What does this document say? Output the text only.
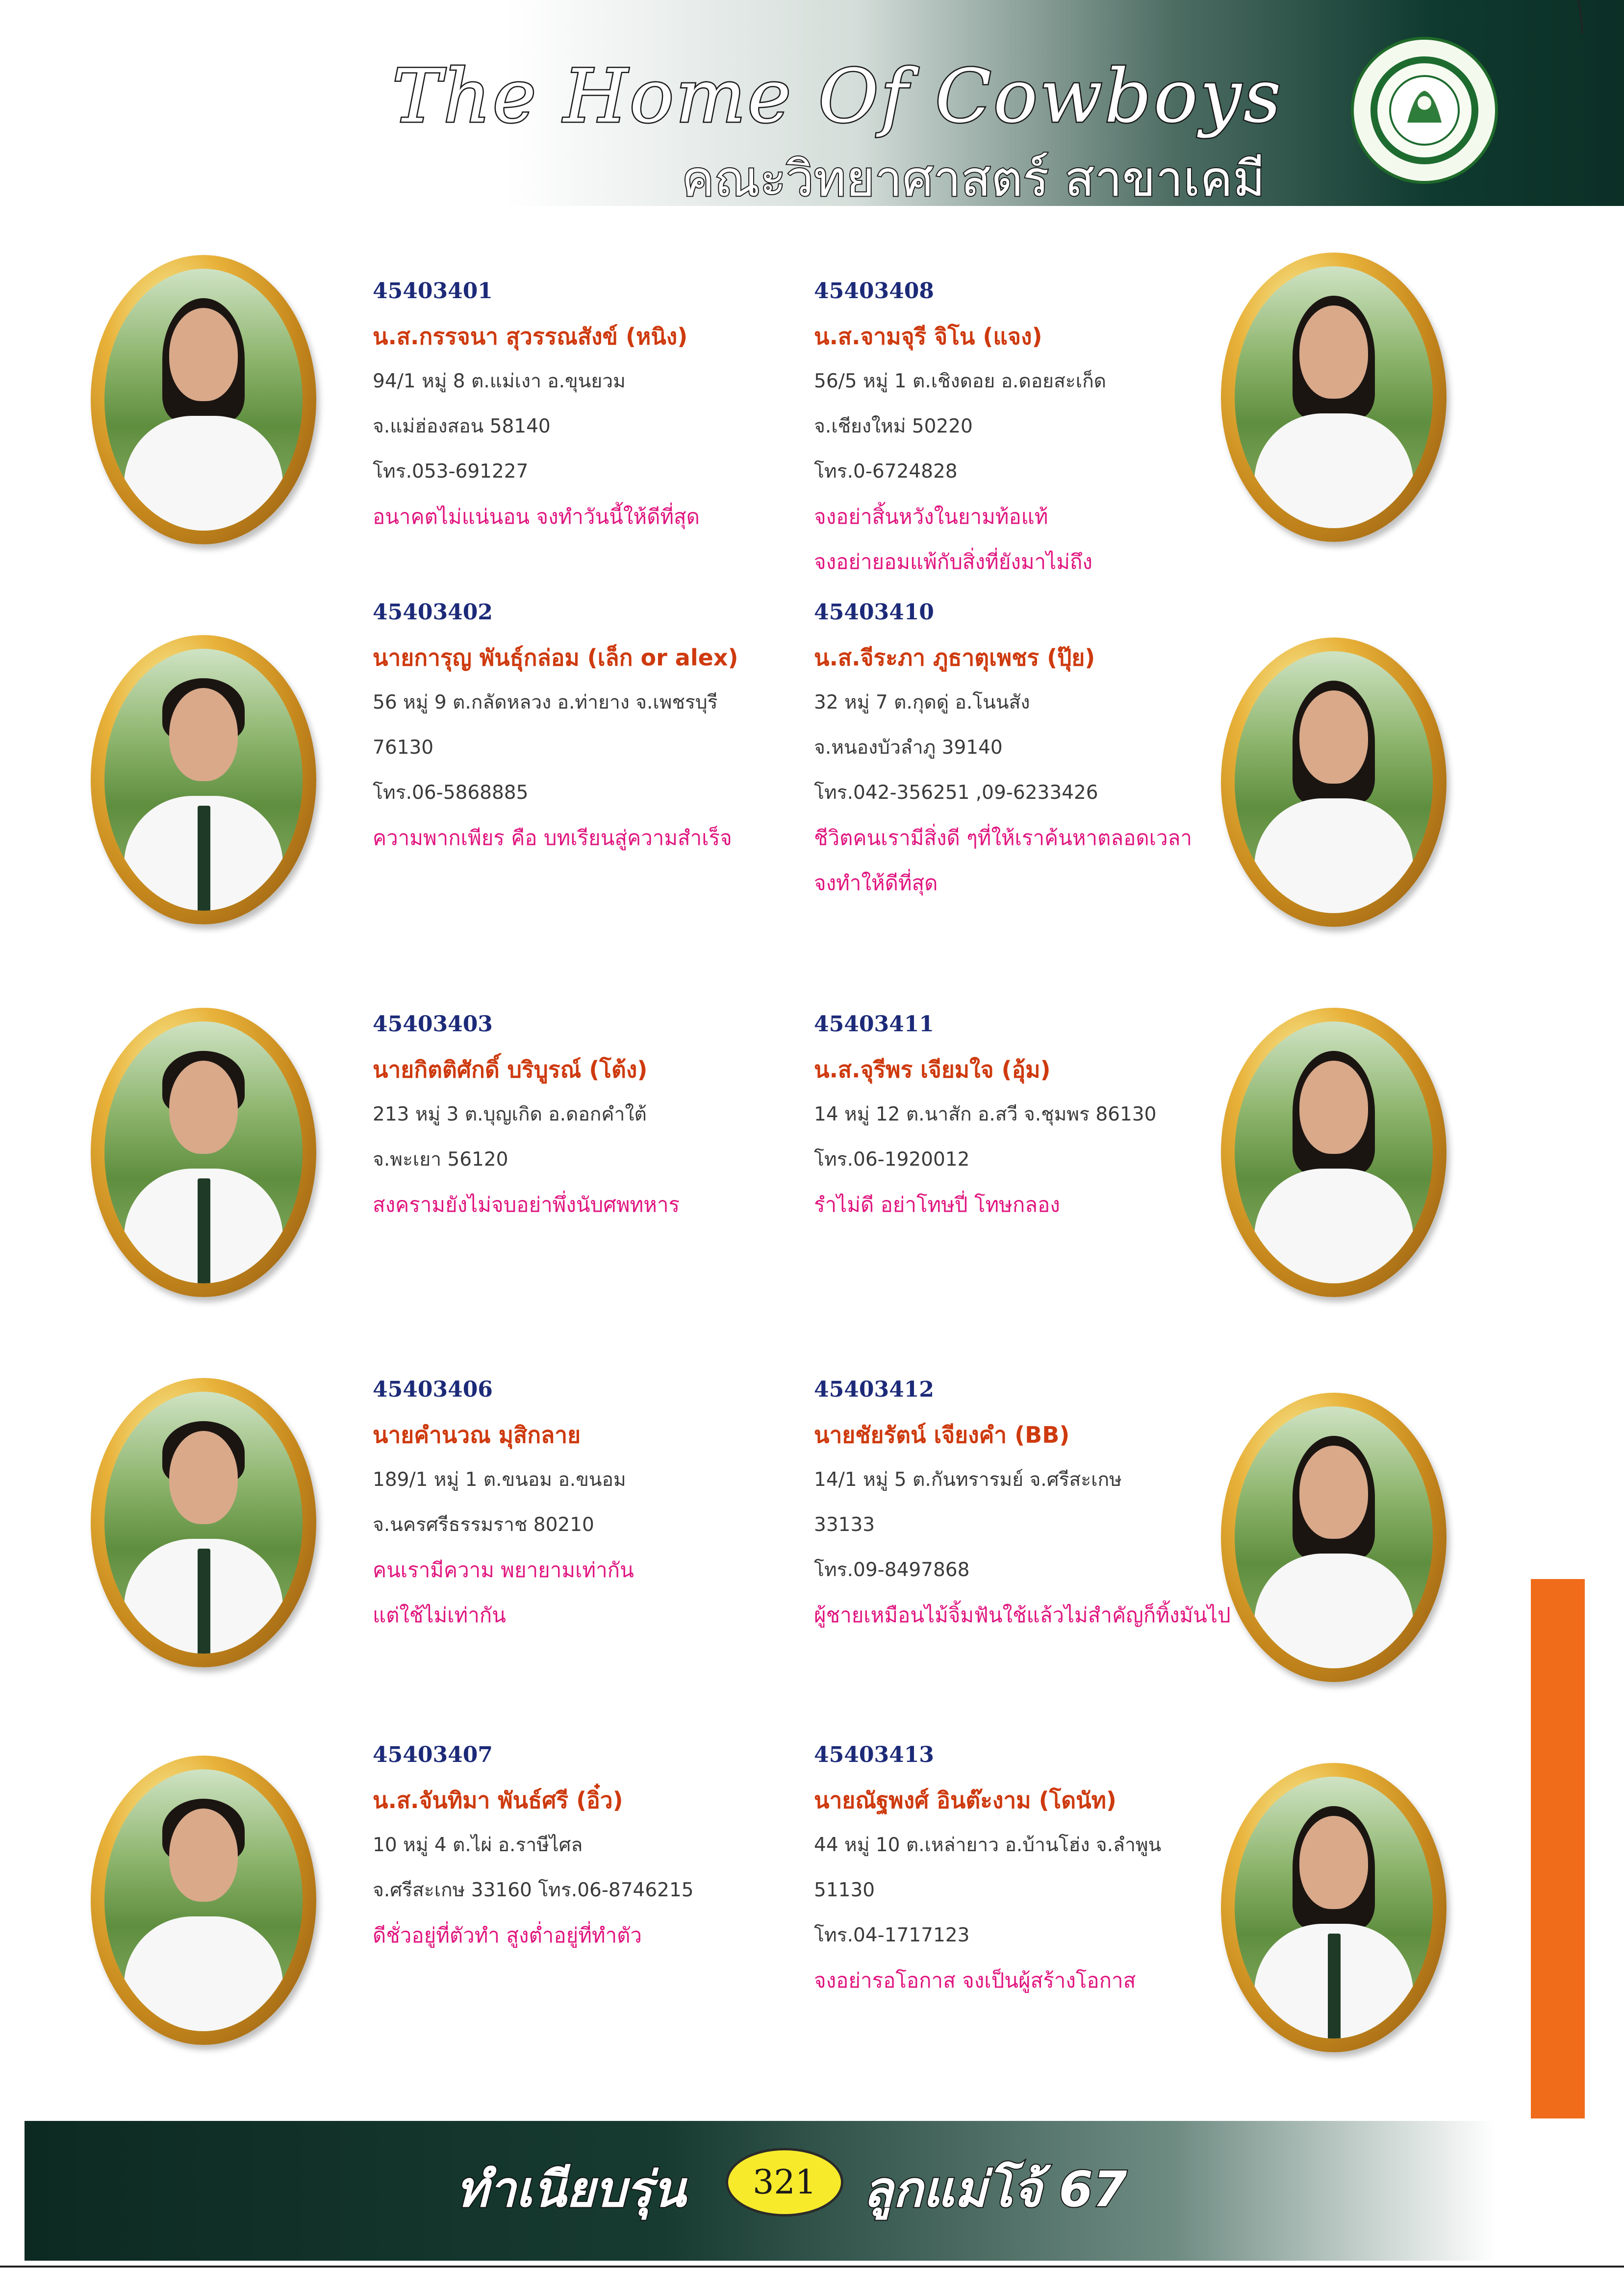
The Home Of Cowboys
คณะวิทยาศาสตร์ สาขาเคมี
45403401
น.ส.กรรจนา สุวรรณสังข์ (หนิง)
94/1 หมู่ 8 ต.แม่เงา อ.ขุนยวม
จ.แม่ฮ่องสอน 58140
โทร.053-691227
อนาคตไม่แน่นอน จงทำวันนี้ให้ดีที่สุด
45403402
นายการุญ พันธุ์กล่อม (เล็ก or alex)
56 หมู่ 9 ต.กลัดหลวง อ.ท่ายาง จ.เพชรบุรี
76130
โทร.06-5868885
ความพากเพียร คือ บทเรียนสู่ความสำเร็จ
45403403
นายกิตติศักดิ์ บริบูรณ์ (โต้ง)
213 หมู่ 3 ต.บุญเกิด อ.ดอกคำใต้
จ.พะเยา 56120
สงครามยังไม่จบอย่าพึ่งนับศพทหาร
45403406
นายคำนวณ มุสิกลาย
189/1 หมู่ 1 ต.ขนอม อ.ขนอม
จ.นครศรีธรรมราช 80210
คนเรามีความ พยายามเท่ากัน
แต่ใช้ไม่เท่ากัน
45403407
น.ส.จันทิมา พันธ์ศรี (อิ๋ว)
10 หมู่ 4 ต.ไผ่ อ.ราษีไศล
จ.ศรีสะเกษ 33160 โทร.06-8746215
ดีชั่วอยู่ที่ตัวทำ สูงต่ำอยู่ที่ทำตัว
45403408
น.ส.จามจุรี จิโน (แจง)
56/5 หมู่ 1 ต.เชิงดอย อ.ดอยสะเก็ด
จ.เชียงใหม่ 50220
โทร.0-6724828
จงอย่าสิ้นหวังในยามท้อแท้
จงอย่ายอมแพ้กับสิ่งที่ยังมาไม่ถึง
45403410
น.ส.จีระภา ภูธาตุเพชร (ปุ๊ย)
32 หมู่ 7 ต.กุดดู่ อ.โนนสัง
จ.หนองบัวลำภู 39140
โทร.042-356251 ,09-6233426
ชีวิตคนเรามีสิ่งดี ๆที่ให้เราค้นหาตลอดเวลา
จงทำให้ดีที่สุด
45403411
น.ส.จุรีพร เจียมใจ (อุ้ม)
14 หมู่ 12 ต.นาสัก อ.สวี จ.ชุมพร 86130
โทร.06-1920012
รำไม่ดี อย่าโทษปี่ โทษกลอง
45403412
นายชัยรัตน์ เจียงคำ (BB)
14/1 หมู่ 5 ต.กันทรารมย์ จ.ศรีสะเกษ
33133
โทร.09-8497868
ผู้ชายเหมือนไม้จิ้มฟันใช้แล้วไม่สำคัญก็ทิ้งมันไป
45403413
นายณัฐพงศ์ อินต๊ะงาม (โดนัท)
44 หมู่ 10 ต.เหล่ายาว อ.บ้านโฮ่ง จ.ลำพูน
51130
โทร.04-1717123
จงอย่ารอโอกาส จงเป็นผู้สร้างโอกาส
ทำเนียบรุ่น 321 ลูกแม่โจ้ 67
